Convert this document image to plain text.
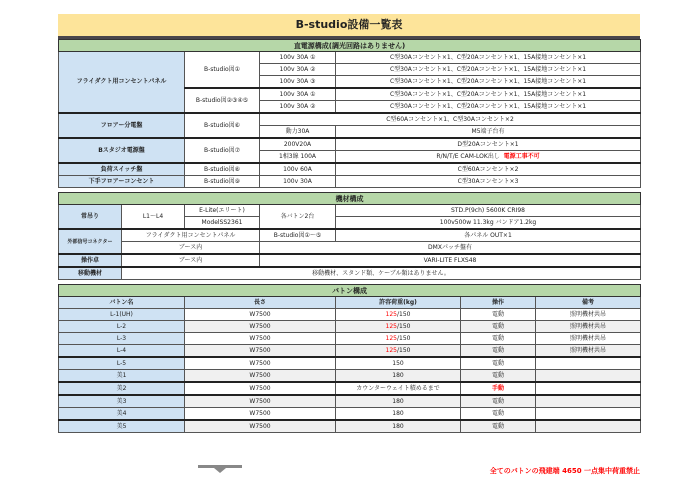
B-studio設備一覧表
直電源構成(調光回路はありません)			
フライダクト用コンセントパネル	B-studio図①	100v 30A ①	C型30Aコンセント×1、C型20Aコンセント×1、15A接地コンセント×1
		100v 30A ②	C型30Aコンセント×1、C型20Aコンセント×1、15A接地コンセント×1
		100v 30A ③	C型30Aコンセント×1、C型20Aコンセント×1、15A接地コンセント×1
	B-studio図②③④⑤	100v 30A ①	C型30Aコンセント×1、C型20Aコンセント×1、15A接地コンセント×1
		100v 30A ②	C型30Aコンセント×1、C型20Aコンセント×1、15A接地コンセント×1
フロアー分電盤	B-studio図⑥	C型60Aコンセント×1、C型30Aコンセント×2	
		動力30A	M5端子台有
Bスタジオ電源盤	B-studio図⑦	200V20A	D型20Aコンセント×1
		1相3線 100A	R/N/T/E CAM-LOK出し 電源工事不可
負荷スイッチ盤	B-studio図⑧	100v 60A	C型60Aコンセント×2
下手フロアーコンセント	B-studio図⑨	100v 30A	C型30Aコンセント×3
機材構成				
常吊り	L1～L4	E-Lite(エリート)	各バトン2台	STD.P(9ch) 5600K CRI98
		ModelSS2361		100v500w 11.3kg バンドア1.2kg
外部信号コネクター	フライダクト用コンセントパネル		B-studio図①～⑤	各パネル OUT×1
	ブース内		DMXパッチ盤有	
操作卓	ブース内		VARI-LITE FLXS48	
移動機材	移動機材、スタンド類、ケーブル類はありません。			
バトン構成				
バトン名	長さ	許容荷重(kg)	操作	備考
L-1(UH)	W7500	125/150	電動	照明機材共吊
L-2	W7500	125/150	電動	照明機材共吊
L-3	W7500	125/150	電動	照明機材共吊
L-4	W7500	125/150	電動	照明機材共吊
L-5	W7500	150	電動	
美1	W7500	180	電動	
美2	W7500	カウンターウェイト積めるまで	手動	
美3	W7500	180	電動	
美4	W7500	180	電動	
美5	W7500	180	電動	
全てのバトンの飛建端 4650 一点集中荷重禁止
